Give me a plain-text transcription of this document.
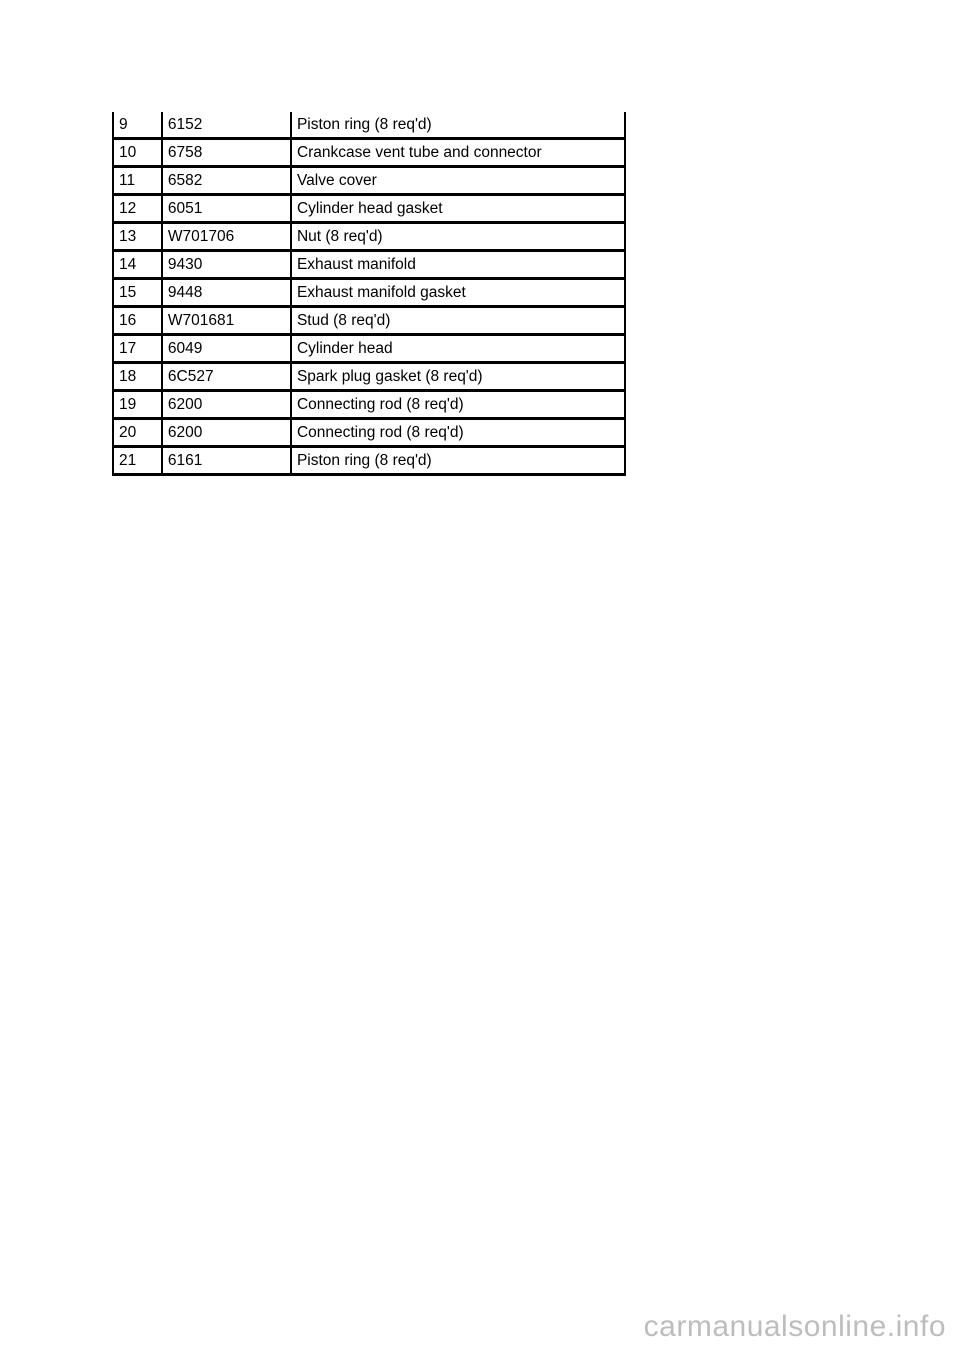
9	6152	Piston ring (8 req'd)
10	6758	Crankcase vent tube and connector
11	6582	Valve cover
12	6051	Cylinder head gasket
13	W701706	Nut (8 req'd)
14	9430	Exhaust manifold
15	9448	Exhaust manifold gasket
16	W701681	Stud (8 req'd)
17	6049	Cylinder head
18	6C527	Spark plug gasket (8 req'd)
19	6200	Connecting rod (8 req'd)
20	6200	Connecting rod (8 req'd)
21	6161	Piston ring (8 req'd)
carmanualsonline.info
